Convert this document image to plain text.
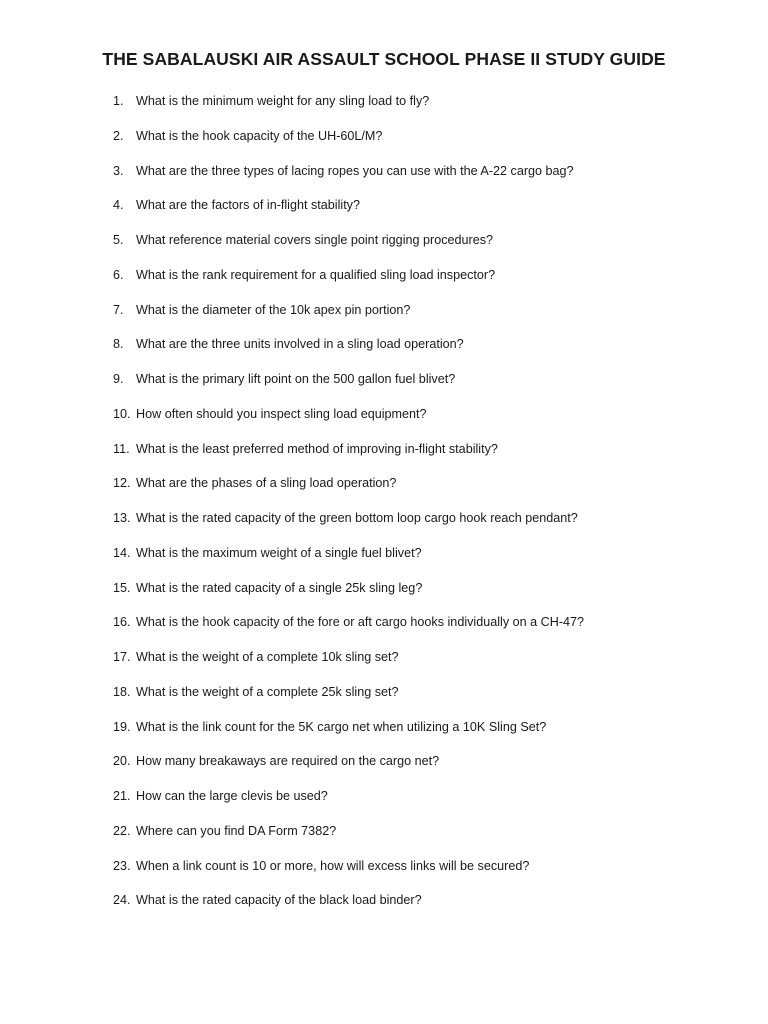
THE SABALAUSKI AIR ASSAULT SCHOOL PHASE II STUDY GUIDE
1. What is the minimum weight for any sling load to fly?
2. What is the hook capacity of the UH-60L/M?
3. What are the three types of lacing ropes you can use with the A-22 cargo bag?
4. What are the factors of in-flight stability?
5. What reference material covers single point rigging procedures?
6. What is the rank requirement for a qualified sling load inspector?
7. What is the diameter of the 10k apex pin portion?
8. What are the three units involved in a sling load operation?
9. What is the primary lift point on the 500 gallon fuel blivet?
10. How often should you inspect sling load equipment?
11. What is the least preferred method of improving in-flight stability?
12. What are the phases of a sling load operation?
13. What is the rated capacity of the green bottom loop cargo hook reach pendant?
14. What is the maximum weight of a single fuel blivet?
15. What is the rated capacity of a single 25k sling leg?
16. What is the hook capacity of the fore or aft cargo hooks individually on a CH-47?
17. What is the weight of a complete 10k sling set?
18. What is the weight of a complete 25k sling set?
19. What is the link count for the 5K cargo net when utilizing a 10K Sling Set?
20. How many breakaways are required on the cargo net?
21. How can the large clevis be used?
22. Where can you find DA Form 7382?
23. When a link count is 10 or more, how will excess links will be secured?
24. What is the rated capacity of the black load binder?
